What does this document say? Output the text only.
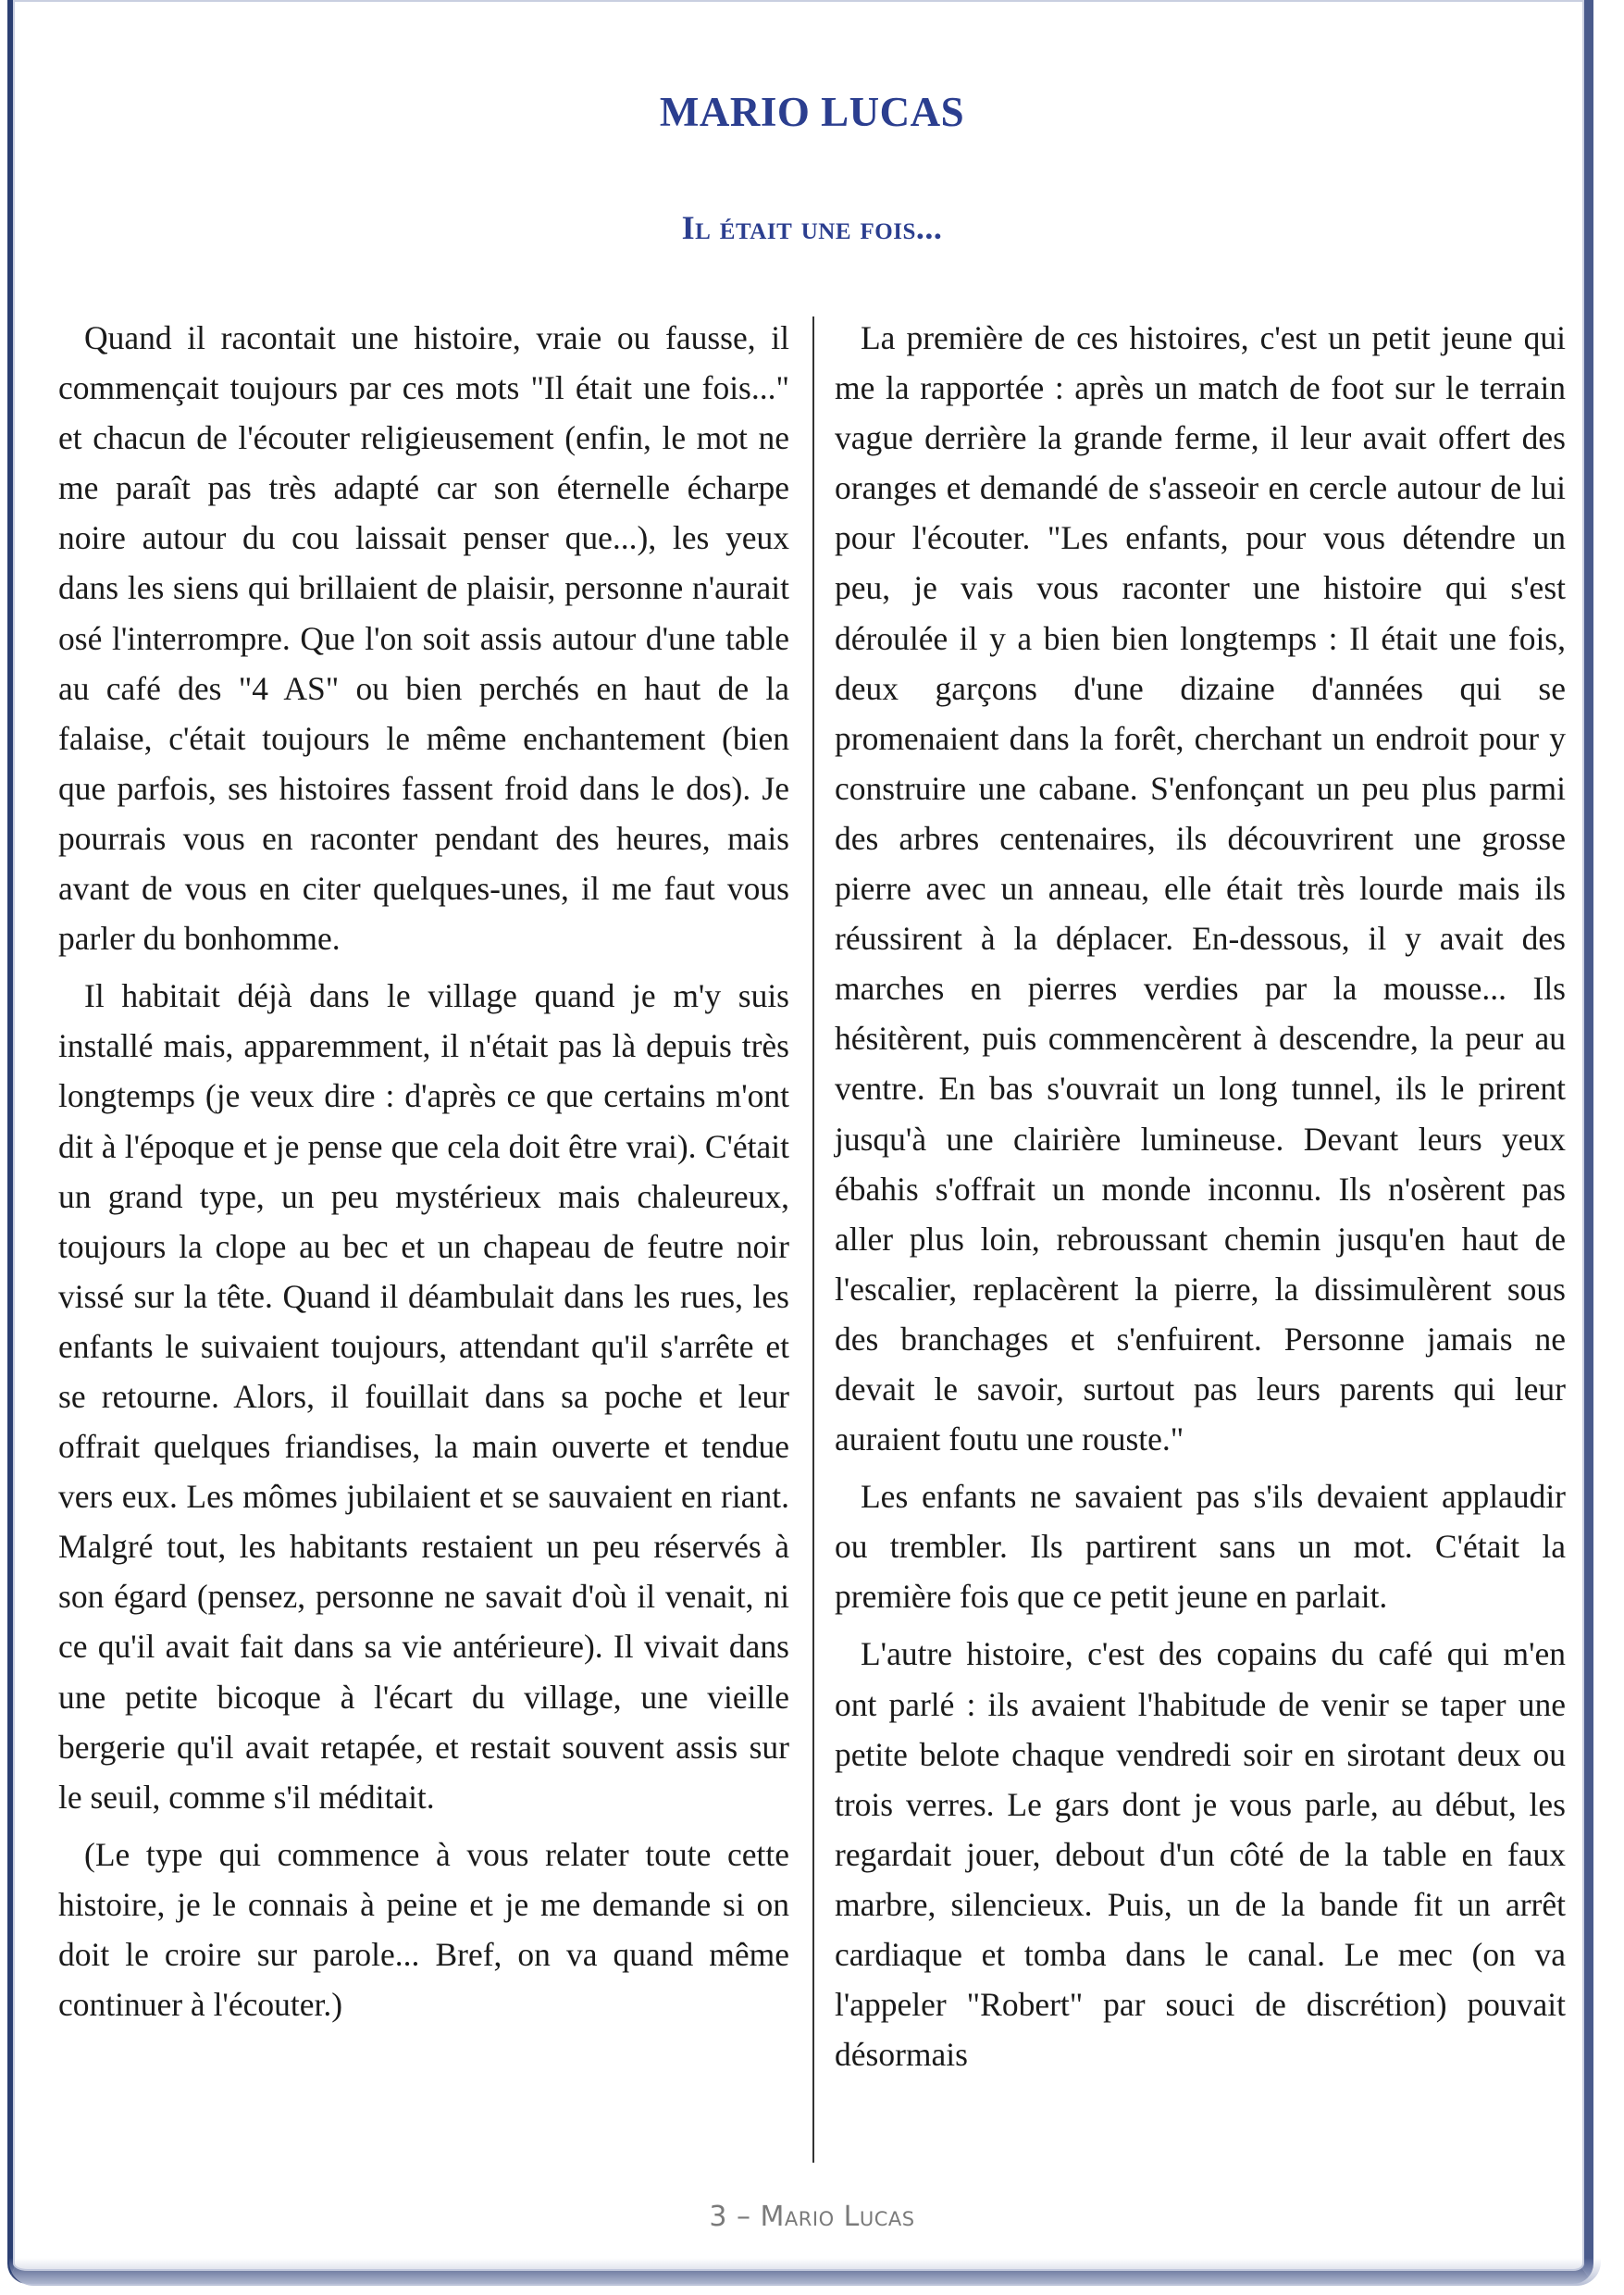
MARIO LUCAS
Il était une fois...

Quand il racontait une histoire, vraie ou fausse, il commençait toujours par ces mots "Il était une fois..." et chacun de l'écouter religieusement (enfin, le mot ne me paraît pas très adapté car son éternelle écharpe noire autour du cou laissait penser que...), les yeux dans les siens qui brillaient de plaisir, personne n'aurait osé l'interrompre. Que l'on soit assis autour d'une table au café des "4 AS" ou bien perchés en haut de la falaise, c'était toujours le même enchantement (bien que parfois, ses histoires fassent froid dans le dos). Je pourrais vous en raconter pendant des heures, mais avant de vous en citer quelques-unes, il me faut vous parler du bonhomme.

Il habitait déjà dans le village quand je m'y suis installé mais, apparemment, il n'était pas là depuis très longtemps (je veux dire : d'après ce que certains m'ont dit à l'époque et je pense que cela doit être vrai). C'était un grand type, un peu mystérieux mais chaleureux, toujours la clope au bec et un chapeau de feutre noir vissé sur la tête. Quand il déambulait dans les rues, les enfants le suivaient toujours, attendant qu'il s'arrête et se retourne. Alors, il fouillait dans sa poche et leur offrait quelques friandises, la main ouverte et tendue vers eux. Les mômes jubilaient et se sauvaient en riant. Malgré tout, les habitants restaient un peu réservés à son égard (pensez, personne ne savait d'où il venait, ni ce qu'il avait fait dans sa vie antérieure). Il vivait dans une petite bicoque à l'écart du village, une vieille bergerie qu'il avait retapée, et restait souvent assis sur le seuil, comme s'il méditait.

(Le type qui commence à vous relater toute cette histoire, je le connais à peine et je me demande si on doit le croire sur parole... Bref, on va quand même continuer à l'écouter.)

La première de ces histoires, c'est un petit jeune qui me la rapportée : après un match de foot sur le terrain vague derrière la grande ferme, il leur avait offert des oranges et demandé de s'asseoir en cercle autour de lui pour l'écouter. "Les enfants, pour vous détendre un peu, je vais vous raconter une histoire qui s'est déroulée il y a bien bien longtemps : Il était une fois, deux garçons d'une dizaine d'années qui se promenaient dans la forêt, cherchant un endroit pour y construire une cabane. S'enfonçant un peu plus parmi des arbres centenaires, ils découvrirent une grosse pierre avec un anneau, elle était très lourde mais ils réussirent à la déplacer. En-dessous, il y avait des marches en pierres verdies par la mousse... Ils hésitèrent, puis commencèrent à descendre, la peur au ventre. En bas s'ouvrait un long tunnel, ils le prirent jusqu'à une clairière lumineuse. Devant leurs yeux ébahis s'offrait un monde inconnu. Ils n'osèrent pas aller plus loin, rebroussant chemin jusqu'en haut de l'escalier, replacèrent la pierre, la dissimulèrent sous des branchages et s'enfuirent. Personne jamais ne devait le savoir, surtout pas leurs parents qui leur auraient foutu une rouste."

Les enfants ne savaient pas s'ils devaient applaudir ou trembler. Ils partirent sans un mot. C'était la première fois que ce petit jeune en parlait.

L'autre histoire, c'est des copains du café qui m'en ont parlé : ils avaient l'habitude de venir se taper une petite belote chaque vendredi soir en sirotant deux ou trois verres. Le gars dont je vous parle, au début, les regardait jouer, debout d'un côté de la table en faux marbre, silencieux. Puis, un de la bande fit un arrêt cardiaque et tomba dans le canal. Le mec (on va l'appeler "Robert" par souci de discrétion) pouvait désormais

3 – Mario Lucas
